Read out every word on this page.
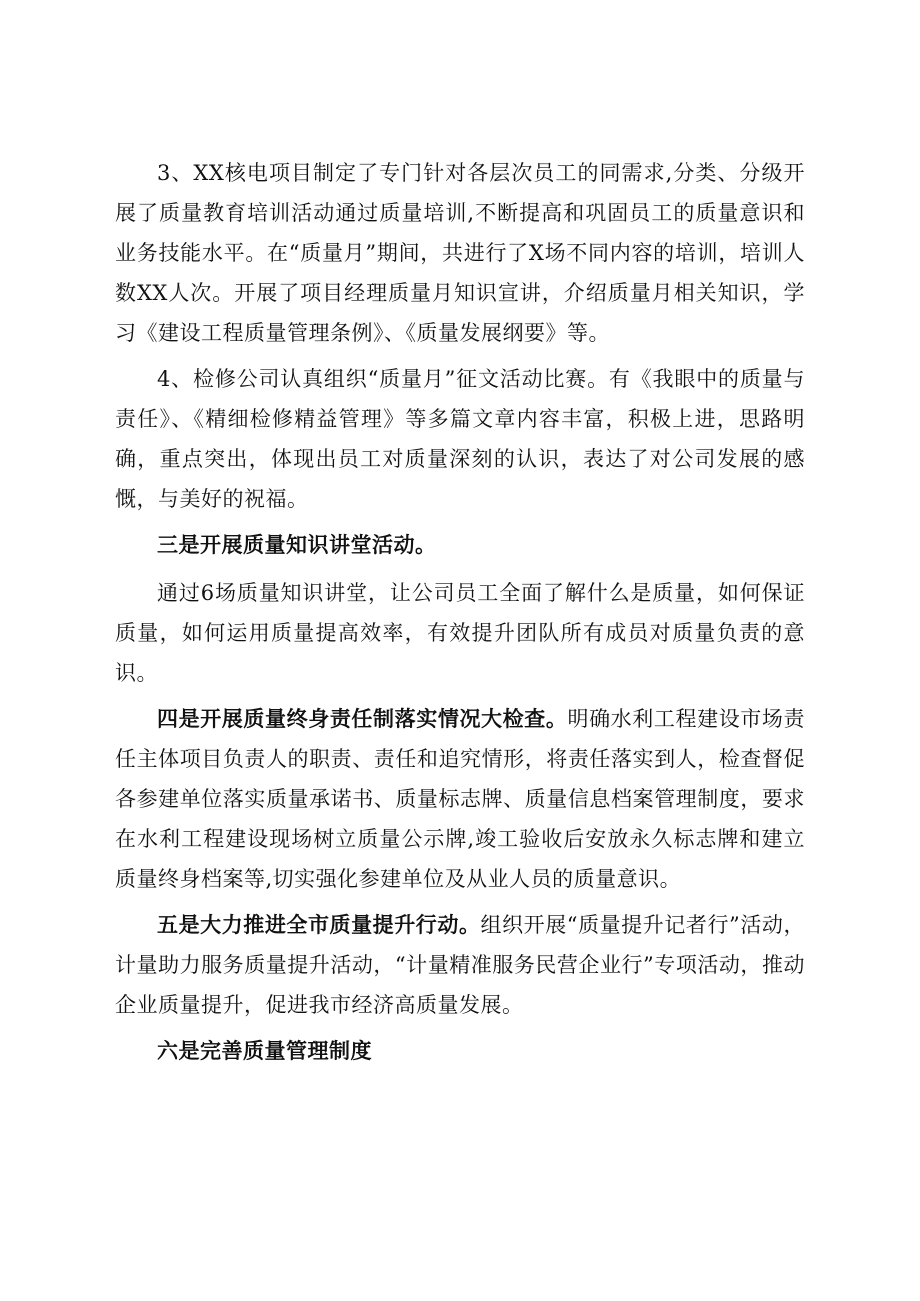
3、XX核电项目制定了专门针对各层次员工的同需求,分类、分级开展了质量教育培训活动通过质量培训,不断提高和巩固员工的质量意识和业务技能水平。在“质量月”期间，共进行了X场不同内容的培训，培训人数XX人次。开展了项目经理质量月知识宣讲，介绍质量月相关知识，学习《建设工程质量管理条例》、《质量发展纲要》等。

4、检修公司认真组织“质量月”征文活动比赛。有《我眼中的质量与责任》、《精细检修精益管理》等多篇文章内容丰富，积极上进，思路明确，重点突出，体现出员工对质量深刻的认识，表达了对公司发展的感慨，与美好的祝福。

三是开展质量知识讲堂活动。

通过6场质量知识讲堂，让公司员工全面了解什么是质量，如何保证质量，如何运用质量提高效率，有效提升团队所有成员对质量负责的意识。

四是开展质量终身责任制落实情况大检查。明确水利工程建设市场责任主体项目负责人的职责、责任和追究情形，将责任落实到人，检查督促各参建单位落实质量承诺书、质量标志牌、质量信息档案管理制度，要求在水利工程建设现场树立质量公示牌,竣工验收后安放永久标志牌和建立质量终身档案等,切实强化参建单位及从业人员的质量意识。

五是大力推进全市质量提升行动。组织开展“质量提升记者行”活动，计量助力服务质量提升活动，“计量精准服务民营企业行”专项活动，推动企业质量提升，促进我市经济高质量发展。

六是完善质量管理制度
